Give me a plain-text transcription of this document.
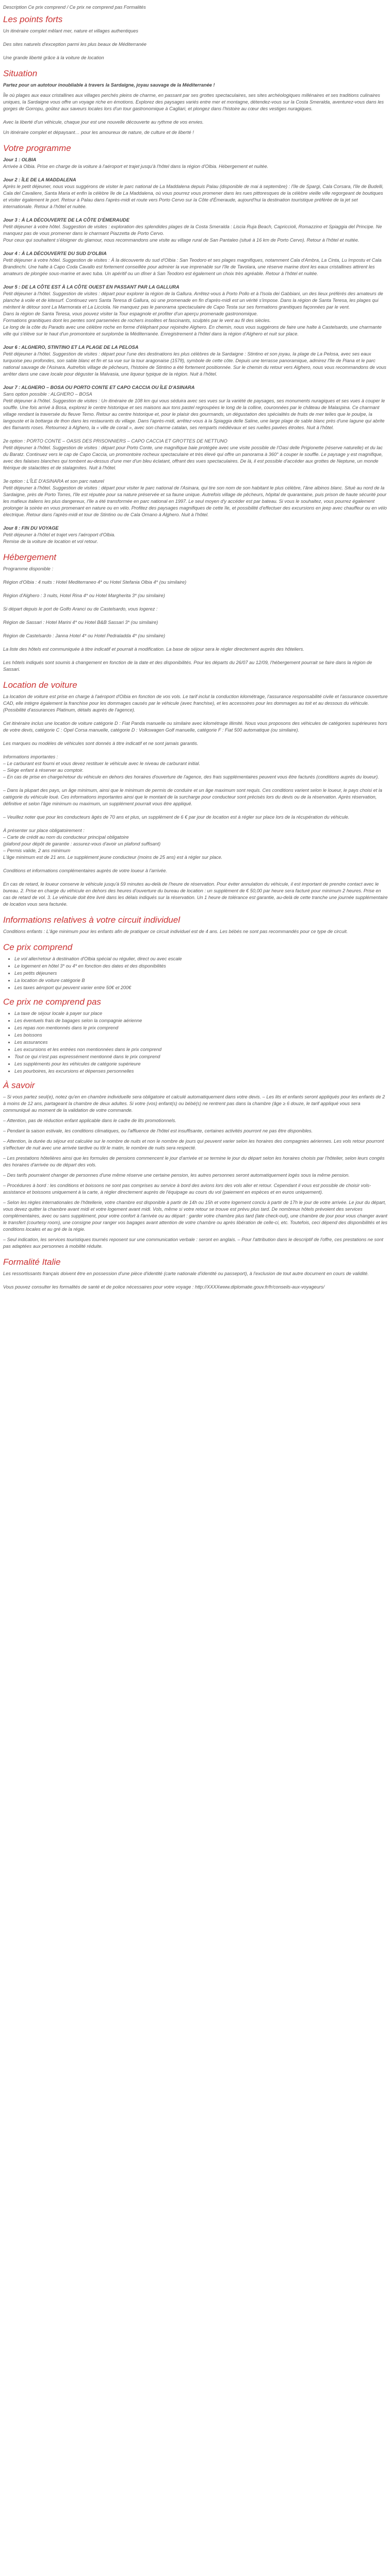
Description Ce prix comprend / Ce prix ne comprend pas Formalités

Les points forts

Un itinéraire complet mêlant mer, nature et villages authentiques

Des sites naturels d'exception parmi les plus beaux de Méditerranée

Une grande liberté grâce à la voiture de location

Situation

Partez pour un autotour inoubliable à travers la Sardaigne, joyau sauvage de la Méditerranée !

Île où plages aux eaux cristallines aux villages perchés pleins de charme, en passant par ses grottes spectaculaires, ses sites archéologiques millénaires et ses traditions culinaires uniques, la Sardaigne vous offre un voyage riche en émotions. Explorez des paysages variés entre mer et montagne, détendez-vous sur la Costa Smeralda, aventurez-vous dans les gorges de Gorropu, goûtez aux saveurs locales lors d'un tour gastronomique à Cagliari, et plongez dans l'histoire au cœur des vestiges nuragiques.

Avec la liberté d'un véhicule, chaque jour est une nouvelle découverte au rythme de vos envies.

Un itinéraire complet et dépaysant… pour les amoureux de nature, de culture et de liberté !

Votre programme

Jour 1 : OLBIA

Arrivée à Olbia. Prise en charge de la voiture à l'aéroport et trajet jusqu'à l'hôtel dans la région d'Olbia. Hébergement et nuitée.

Jour 2 : ÎLE DE LA MADDALENA

Après le petit déjeuner, nous vous suggérons de visiter le parc national de La Maddalena depuis Palau (disponible de mai à septembre) : l'île de Spargi, Cala Corsara, l'île de Budelli, Cala del Cavaliere, Santa Maria et enfin la célèbre île de La Maddalena, où vous pourrez vous promener dans les rues pittoresques de la célèbre vieille ville regorgeant de boutiques et visiter également le port. Retour à Palau dans l'après-midi et route vers Porto Cervo sur la Côte d'Émeraude, aujourd'hui la destination touristique préférée de la jet set internationale. Retour à l'hôtel et nuitée.

Jour 3 : À LA DÉCOUVERTE DE LA CÔTE D'ÉMERAUDE

Petit déjeuner à votre hôtel. Suggestion de visites : exploration des splendides plages de la Costa Smeralda : Liscia Ruja Beach, Capriccioli, Romazzino et Spiaggia del Principe. Ne manquez pas de vous promener dans le charmant Piazzetta de Porto Cervo.
Pour ceux qui souhaitent s'éloigner du glamour, nous recommandons une visite au village rural de San Pantaleo (situé à 16 km de Porto Cervo). Retour à l'hôtel et nuitée.

Jour 4 : À LA DÉCOUVERTE DU SUD D'OLBIA

Petit déjeuner à votre hôtel. Suggestion de visites : À la découverte du sud d'Olbia : San Teodoro et ses plages magnifiques, notamment Cala d'Ambra, La Cinta, Lu Impostu et Cala Brandinchi. Une halte à Capo Coda Cavallo est fortement conseillée pour admirer la vue imprenable sur l'île de Tavolara, une réserve marine dont les eaux cristallines attirent les amateurs de plongée sous-marine et avec tuba. Un apéritif ou un dîner à San Teodoro est également un choix très agréable. Retour à l'hôtel et nuitée.

Jour 5 : DE LA CÔTE EST À LA CÔTE OUEST EN PASSANT PAR LA GALLURA

Petit déjeuner à l'hôtel. Suggestion de visites : départ pour explorer la région de la Gallura. Arrêtez-vous à Porto Pollo et à l'Isola dei Gabbiani, un des lieux préférés des amateurs de planche à voile et de kitesurf. Continuez vers Santa Teresa di Gallura, où une promenade en fin d'après-midi est un vérité s'impose. Dans la région de Santa Teresa, les plages qui méritent le détour sont La Marmorata et La Licciola. Ne manquez pas le panorama spectaculaire de Capo Testa sur ses formations granitiques façonnées par le vent.
Dans la région de Santa Teresa, vous pouvez visiter la Tour espagnole et profiter d'un aperçu promenade gastronomique.
Formations granitiques dont les pentes sont parsemées de rochers insolites et fascinants, sculptés par le vent au fil des siècles.
Le long de la côte du Paradis avec une célèbre roche en forme d'éléphant pour rejoindre Alghero. En chemin, nous vous suggérons de faire une halte à Castelsardo, une charmante ville qui s'élève sur le haut d'un promontoire et surplombe la Méditerranée. Enregistrement à l'hôtel dans la région d'Alghero et nuit sur place.

Jour 6 : ALGHERO, STINTINO ET LA PLAGE DE LA PELOSA

Petit déjeuner à l'hôtel. Suggestion de visites : départ pour l'une des destinations les plus célèbres de la Sardaigne : Stintino et son joyau, la plage de La Pelosa, avec ses eaux turquoise peu profondes, son sable blanc et fin et sa vue sur la tour aragonaise (1578), symbole de cette côte. Depuis une terrasse panoramique, admirez l'île de Piana et le parc national sauvage de l'Asinara. Autrefois village de pêcheurs, l'histoire de Stintino a été fortement positionnée. Sur le chemin du retour vers Alghero, nous vous recommandons de vous arrêter dans une cave locale pour déguster la Malvasia, une liqueur typique de la région. Nuit à l'hôtel.

Jour 7 : ALGHERO – BOSA OU PORTO CONTE ET CAPO CACCIA OU ÎLE D'ASINARA

Sans option possible : ALGHERO – BOSA
Petit déjeuner à l'hôtel. Suggestion de visites : Un itinéraire de 108 km qui vous séduira avec ses vues sur la variété de paysages, ses monuments nuragiques et ses vues à couper le souffle. Une fois arrivé à Bosa, explorez le centre historique et ses maisons aux tons pastel regroupées le long de la colline, couronnées par le château de Malaspina. Ce charmant village rendant la traversée du fleuve Temo. Retour au centre historique et, pour le plaisir des gourmands, un dégustation des spécialités de fruits de mer telles que le poulpe, la langouste et la bottarga de thon dans les restaurants du village. Dans l'après-midi, arrêtez-vous à la Spiaggia delle Saline, une large plage de sable blanc près d'une lagune qui abrite des flamants roses. Retournez à Alghero, la « ville de corail », avec son charme catalan, ses remparts médiévaux et ses ruelles pavées étroites. Nuit à l'hôtel.

2e option : PORTO CONTE – OASIS DES PRISONNIERS – CAPO CACCIA ET GROTTES DE NETTUNO
Petit déjeuner à l'hôtel. Suggestion de visites : départ pour Porto Conte, une magnifique baie protégée avec une visite possible de l'Oasi delle Prigionette (réserve naturelle) et du lac du Baratz. Continuez vers le cap de Capo Caccia, un promontoire rocheux spectaculaire et très élevé qui offre un panorama à 360° à couper le souffle. Le paysage y est magnifique, avec des falaises blanches qui tombent au-dessus d'une mer d'un bleu éclatant, offrant des vues spectaculaires. De là, il est possible d'accéder aux grottes de Neptune, un monde féérique de stalactites et de stalagmites. Nuit à l'hôtel.

3e option : L'ÎLE D'ASINARA et son parc naturel
Petit déjeuner à l'hôtel. Suggestion de visites : départ pour visiter le parc national de l'Asinara, qui tire son nom de son habitant le plus célèbre, l'âne albinos blanc. Situé au nord de la Sardaigne, près de Porto Torres, l'île est réputée pour sa nature préservée et sa faune unique. Autrefois village de pêcheurs, hôpital de quarantaine, puis prison de haute sécurité pour les mafieux italiens les plus dangereux, l'île a été transformée en parc national en 1997. Le seul moyen d'y accéder est par bateau. Si vous le souhaitez, vous pourrez également prolonger la soirée en vous promenant en nature ou en vélo. Profitez des paysages magnifiques de cette île, et possibilité d'effectuer des excursions en jeep avec chauffeur ou en vélo électrique. Retour dans l'après-midi et tour de Stintino ou de Cala Ornano à Alghero. Nuit à l'hôtel.

Jour 8 : FIN DU VOYAGE

Petit déjeuner à l'hôtel et trajet vers l'aéroport d'Olbia.
Remise de la voiture de location et vol retour.

Hébergement

Programme disponible :

Région d'Olbia : 4 nuits : Hotel Mediterraneo 4* ou Hotel Stefania Olbia 4* (ou similaire)

Région d'Alghero : 3 nuits, Hotel Rina 4* ou Hotel Margherita 3* (ou similaire)

Si départ depuis le port de Golfo Aranci ou de Castelsardo, vous logerez :

Région de Sassari : Hotel Marini 4* ou Hotel B&B Sassari 3* (ou similaire)

Région de Castelsardo : Janna Hotel 4* ou Hotel Pedraladda 4* (ou similaire)

La liste des hôtels est communiquée à titre indicatif et pourrait à modification. La base de séjour sera le régler directement auprès des hôteliers.

Les hôtels indiqués sont soumis à changement en fonction de la date et des disponibilités. Pour les départs du 26/07 au 12/09, l'hébergement pourrait se faire dans la région de Sassari.

Location de voiture

La location de voiture est prise en charge à l'aéroport d'Olbia en fonction de vos vols. Le tarif inclut la conduction kilométrage, l'assurance responsabilité civile et l'assurance couverture CAD, elle intègre également la franchise pour les dommages causés par le véhicule (avec franchise), et les accessoires pour les dommages au toit et au dessous du véhicule. (Possibilité d'assurances Platinum, détails auprès de l'agence).

Cet itinéraire inclus une location de voiture catégorie D : Fiat Panda manuelle ou similaire avec kilométrage illimité. Nous vous proposons des véhicules de catégories supérieures hors de votre devis, catégorie C : Opel Corsa manuelle, catégorie D : Volkswagen Golf manuelle, catégorie F : Fiat 500 automatique (ou similaire).

Les marques ou modèles de véhicules sont donnés à titre indicatif et ne sont jamais garantis.

Informations importantes :
– Le carburant est fourni et vous devez restituer le véhicule avec le niveau de carburant initial.
– Siège enfant à réserver au comptoir.
– En cas de prise en charge/retour du véhicule en dehors des horaires d'ouverture de l'agence, des frais supplémentaires peuvent vous être facturés (conditions auprès du loueur).

– Dans la plupart des pays, un âge minimum, ainsi que le minimum de permis de conduire et un âge maximum sont requis. Ces conditions varient selon le loueur, le pays choisi et la catégorie du véhicule loué. Ces informations importantes ainsi que le montant de la surcharge pour conducteur sont précisés lors du devis ou de la réservation. Après réservation, définitive et selon l'âge minimum ou maximum, un supplément pourrait vous être appliqué.

– Veuillez noter que pour les conducteurs âgés de 70 ans et plus, un supplément de 6 € par jour de location est à régler sur place lors de la récupération du véhicule.

À présenter sur place obligatoirement :
– Carte de crédit au nom du conducteur principal obligatoire
(plafond pour dépôt de garantie : assurez-vous d'avoir un plafond suffisant)
– Permis valide, 2 ans minimum
L'âge minimum est de 21 ans. Le supplément jeune conducteur (moins de 25 ans) est à régler sur place.

Conditions et informations complémentaires auprès de votre loueur à l'arrivée.

En cas de retard, le loueur conserve le véhicule jusqu'à 59 minutes au-delà de l'heure de réservation. Pour éviter annulation du véhicule, il est important de prendre contact avec le bureau. 2. Prise en charge du véhicule en dehors des heures d'ouverture du bureau de location : un supplément de € 50,00 par heure sera facturé pour minimum 2 heures. Prise en cas de retard de vol. 3. Le véhicule doit être livré dans les délais indiqués sur la réservation. Un 1 heure de tolérance est garantie, au-delà de cette tranche une journée supplémentaire de location vous sera facturée.

Informations relatives à votre circuit individuel

Conditions enfants : L'âge minimum pour les enfants afin de pratiquer ce circuit individuel est de 4 ans. Les bébés ne sont pas recommandés pour ce type de circuit.

Ce prix comprend
• Le vol aller/retour à destination d'Olbia spécial ou régulier, direct ou avec escale
• Le logement en hôtel 3* ou 4* en fonction des dates et des disponibilités
• Les petits déjeuners
• La location de voiture catégorie B
• Les taxes aéroport qui peuvent varier entre 50€ et 200€
Ce prix ne comprend pas
• La taxe de séjour locale à payer sur place
• Les éventuels frais de bagages selon la compagnie aérienne
• Les repas non mentionnés dans le prix comprend
• Les boissons
• Les assurances
• Les excursions et les entrées non mentionnées dans le prix comprend
• Tout ce qui n'est pas expressément mentionné dans le prix comprend
• Les suppléments pour les véhicules de catégorie supérieure
• Les pourboires, les excursions et dépenses personnelles
À savoir

– Si vous partez seul(e), notez qu'en en chambre individuelle sera obligatoire et calculé automatiquement dans votre devis. – Les lits et enfants seront appliqués pour les enfants de 2 à moins de 12 ans, partageant la chambre de deux adultes. Si votre (vos) enfant(s) ou bébé(s) ne rentrent pas dans la chambre (âge ≥ 6 douze, le tarif appliqué vous sera communiqué au moment de la validation de votre commande.

– Attention, pas de réduction enfant applicable dans le cadre de lits promotionnels.

– Pendant la saison estivale, les conditions climatiques, ou l'affluence de l'hôtel est insuffisante, certaines activités pourront ne pas être disponibles.

– Attention, la durée du séjour est calculée sur le nombre de nuits et non le nombre de jours qui peuvent varier selon les horaires des compagnies aériennes. Les vols retour pourront s'effectuer de nuit avec une arrivée tardive ou tôt le matin, le nombre de nuits sera respecté.

– Les prestations hôtelières ainsi que les formules de pensions commencent le jour d'arrivée et se termine le jour du départ selon les horaires choisis par l'hôtelier, selon leurs congés des horaires d'arrivée ou de départ des vols.

– Des tarifs pourraient changer de personnes d'une même réserve une certaine pension, les autres personnes seront automatiquement logés sous la même pension.

– Procédures à bord : les conditions et boissons ne sont pas comprises au service à bord des avions lors des vols aller et retour. Cependant il vous est possible de choisir vols-assistance et boissons uniquement à la carte, à régler directement auprès de l'équipage au cours du vol (paiement en espèces et en euros uniquement).

– Selon les règles internationales de l'hôtellerie, votre chambre est disponible à partir de 14h ou 15h et votre logement conclu à partir de 17h le jour de votre arrivée. Le jour du départ, vous devez quitter la chambre avant midi et votre logement avant midi. Vols, même si votre retour se trouve est prévu plus tard. De nombreux hôtels prévoient des services complémentaires, avec ou sans supplément, pour votre confort à l'arrivée ou au départ : garder votre chambre plus tard (late check-out), une chambre de jour pour vous changer avant le transfert (courtesy room), une consigne pour ranger vos bagages avant attention de votre chambre ou après libération de celle-ci, etc. Toutefois, ceci dépend des disponibilités et les conditions locales et au gré de la régie.

– Seul indication, les services touristiques tournés reposent sur une communication verbale : seront en anglais. – Pour l'attribution dans le descriptif de l'offre, ces prestations ne sont pas adaptées aux personnes à mobilité réduite.

Formalité Italie

Les ressortissants français doivent être en possession d'une pièce d'identité (carte nationale d'identité ou passeport), à l'exclusion de tout autre document en cours de validité.

Vous pouvez consulter les formalités de santé et de police nécessaires pour votre voyage : http://XXXXwww.diplomatie.gouv.fr/fr/conseils-aux-voyageurs/
